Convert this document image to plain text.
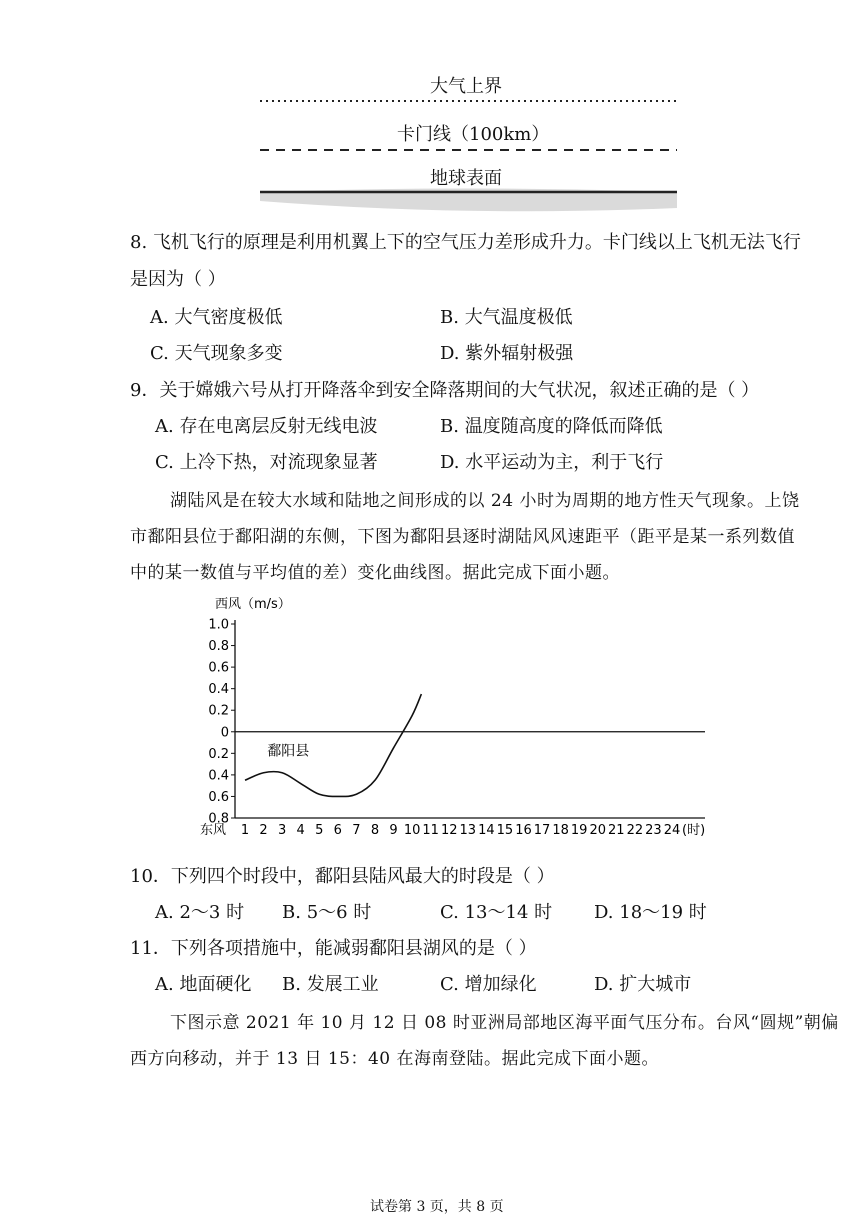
大气上界
卡门线（100km）
地球表面
8. 飞机飞行的原理是利用机翼上下的空气压力差形成升力。卡门线以上飞机无法飞行
是因为（ ）
A. 大气密度极低	B. 大气温度极低
C. 天气现象多变	D. 紫外辐射极强
9．关于嫦娥六号从打开降落伞到安全降落期间的大气状况，叙述正确的是（ ）
A. 存在电离层反射无线电波	B. 温度随高度的降低而降低
C. 上冷下热，对流现象显著	D. 水平运动为主，利于飞行
湖陆风是在较大水域和陆地之间形成的以 24 小时为周期的地方性天气现象。上饶
市鄱阳县位于鄱阳湖的东侧，下图为鄱阳县逐时湖陆风风速距平（距平是某一系列数值
中的某一数值与平均值的差）变化曲线图。据此完成下面小题。
西风（m/s）
1.0
0.8
0.6
0.4
0.2
0
0.2
0.4
0.6
0.8
东风 1 2 3 4 5 6 7 8 9 10 11 12 13 14 15 16 17 18 19 20 21 22 23 24 (时)
鄱阳县
10．下列四个时段中，鄱阳县陆风最大的时段是（ ）
A. 2～3 时 B. 5～6 时	C. 13～14 时 D. 18～19 时
11．下列各项措施中，能减弱鄱阳县湖风的是（ ）
A. 地面硬化 B. 发展工业	C. 增加绿化	D. 扩大城市
下图示意 2021 年 10 月 12 日 08 时亚洲局部地区海平面气压分布。台风“圆规”朝偏
西方向移动，并于 13 日 15：40 在海南登陆。据此完成下面小题。
试卷第 3 页，共 8 页
